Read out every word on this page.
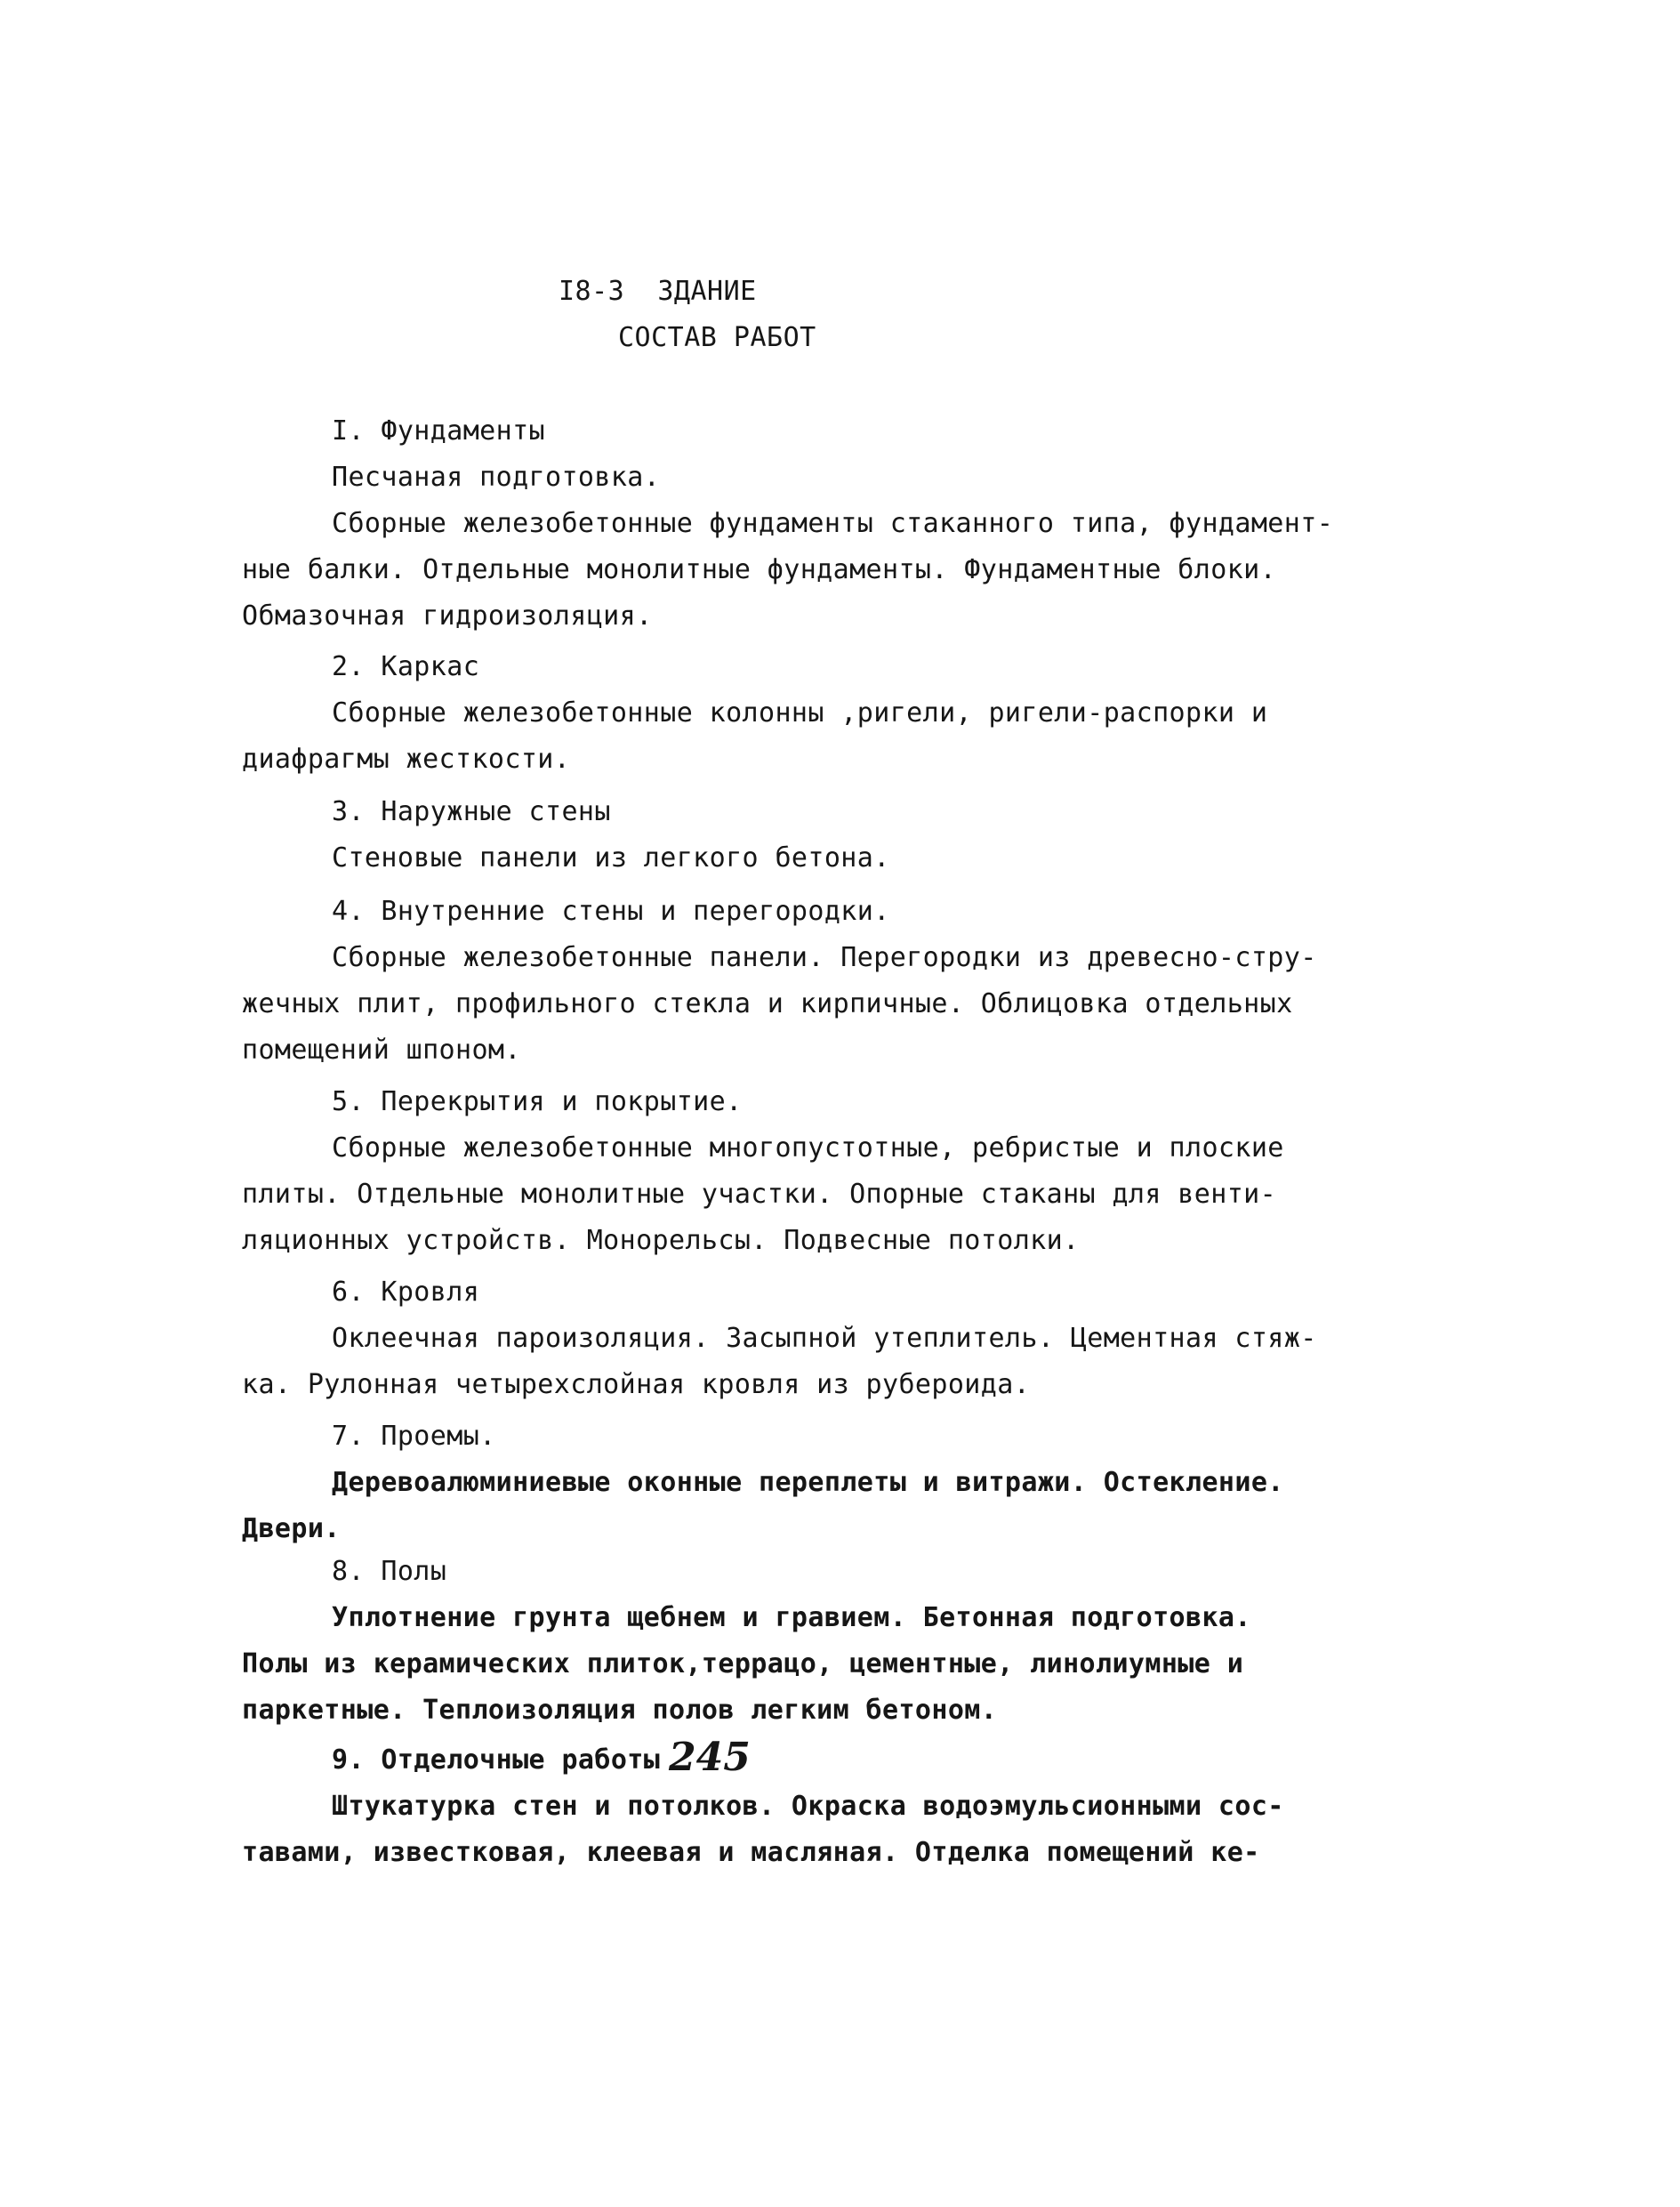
I8-3  ЗДАНИЕ
СОСТАВ РАБОТ
I. Фундаменты
Песчаная подготовка.
Сборные железобетонные фундаменты стаканного типа, фундамент-
ные балки. Отдельные монолитные фундаменты. Фундаментные блоки.
Обмазочная гидроизоляция.
2. Каркас
Сборные железобетонные колонны ,ригели, ригели-распорки и
диафрагмы жесткости.
3. Наружные стены
Стеновые панели из легкого бетона.
4. Внутренние стены и перегородки.
Сборные железобетонные панели. Перегородки из древесно-стру-
жечных плит, профильного стекла и кирпичные. Облицовка отдельных
помещений шпоном.
5. Перекрытия и покрытие.
Сборные железобетонные многопустотные, ребристые и плоские
плиты. Отдельные монолитные участки. Опорные стаканы для венти-
ляционных устройств. Монорельсы. Подвесные потолки.
6. Кровля
Оклеечная пароизоляция. Засыпной утеплитель. Цементная стяж-
ка. Рулонная четырехслойная кровля из рубероида.
7. Проемы.
Деревоалюминиевые оконные переплеты и витражи. Остекление.
Двери.
8. Полы
Уплотнение грунта щебнем и гравием. Бетонная подготовка.
Полы из керамических плиток,террацо, цементные, линолиумные и
паркетные. Теплоизоляция полов легким бетоном.
9. Отделочные работы
Штукатурка стен и потолков. Окраска водоэмульсионными сос-
тавами, известковая, клеевая и масляная. Отделка помещений ке-
245
